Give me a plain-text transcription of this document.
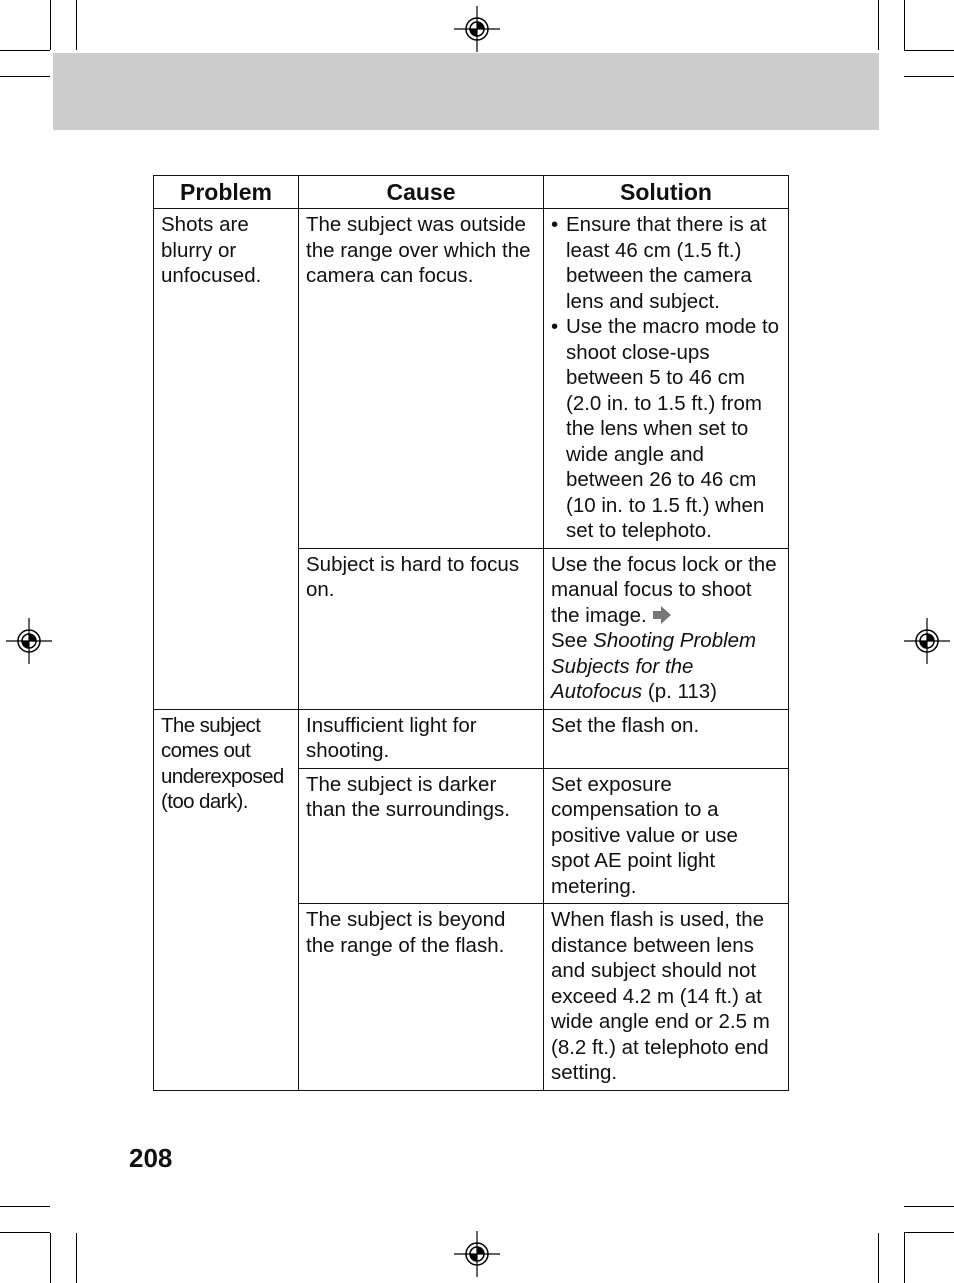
Problem	Cause	Solution
Shots are blurry or unfocused.	The subject was outside the range over which the camera can focus.	• Ensure that there is at least 46 cm (1.5 ft.) between the camera lens and subject.
• Use the macro mode to shoot close-ups between 5 to 46 cm (2.0 in. to 1.5 ft.) from the lens when set to wide angle and between 26 to 46 cm (10 in. to 1.5 ft.) when set to telephoto.

	Subject is hard to focus on.	Use the focus lock or the manual focus to shoot the image.
See Shooting Problem Subjects for the Autofocus (p. 113)
The subject comes out underexposed (too dark).	Insufficient light for shooting.	Set the flash on.
	The subject is darker than the surroundings.	Set exposure compensation to a positive value or use spot AE point light metering.
	The subject is beyond the range of the flash.	When flash is used, the distance between lens and subject should not exceed 4.2 m (14 ft.) at wide angle end or 2.5 m (8.2 ft.) at telephoto end setting.
208
